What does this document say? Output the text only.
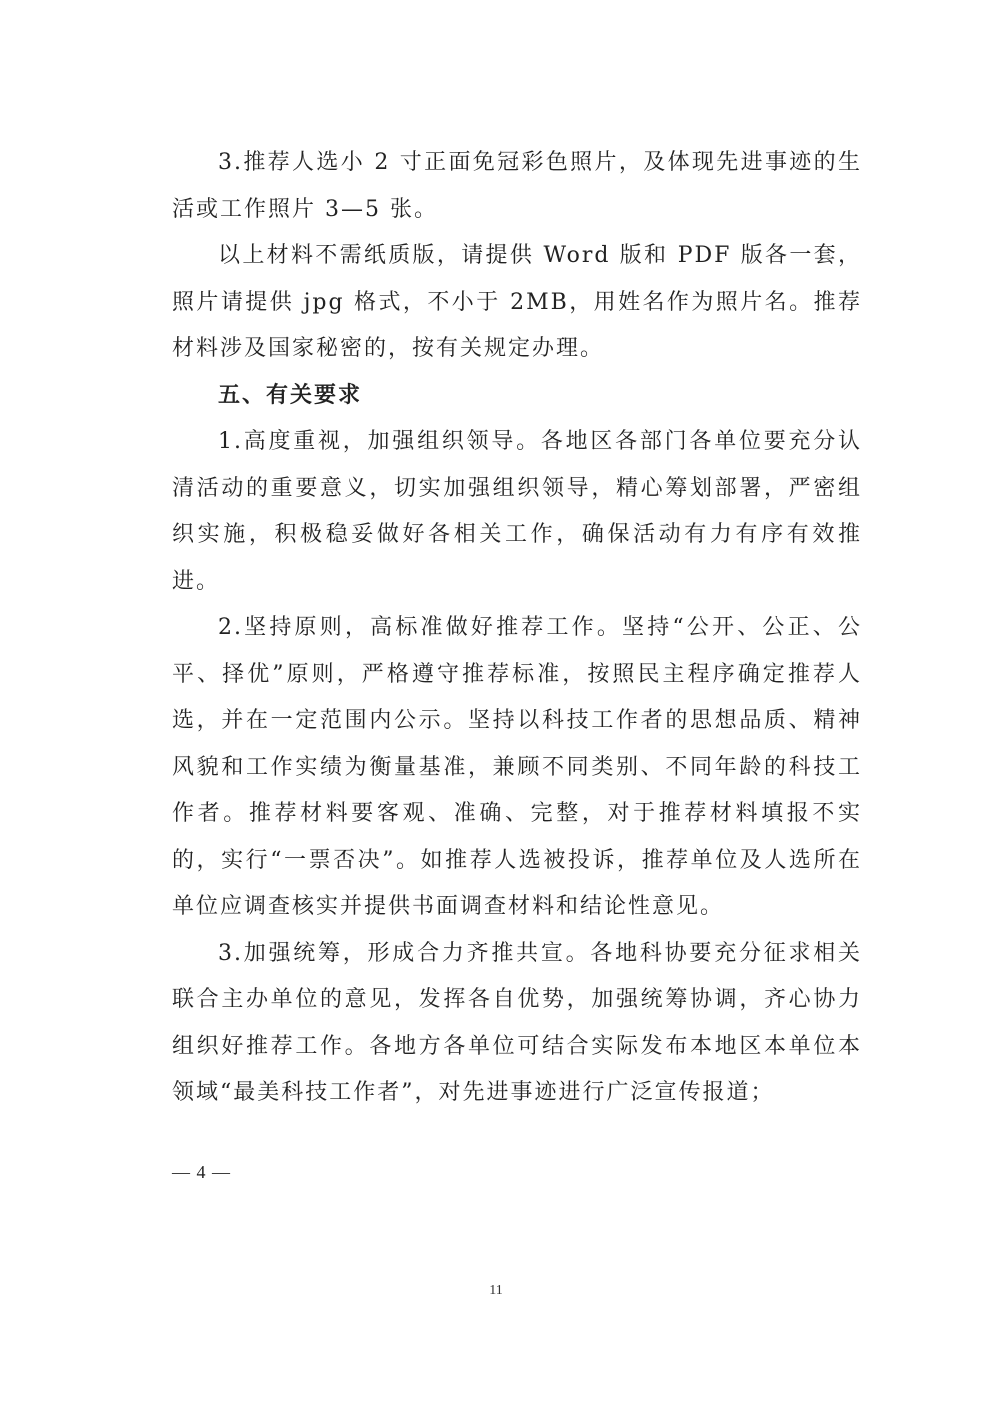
3.推荐人选小 2 寸正面免冠彩色照片，及体现先进事迹的生活或工作照片 3—5 张。

以上材料不需纸质版，请提供 Word 版和 PDF 版各一套，照片请提供 jpg 格式，不小于 2MB，用姓名作为照片名。推荐材料涉及国家秘密的，按有关规定办理。

五、有关要求

1.高度重视，加强组织领导。各地区各部门各单位要充分认清活动的重要意义，切实加强组织领导，精心筹划部署，严密组织实施，积极稳妥做好各相关工作，确保活动有力有序有效推进。

2.坚持原则，高标准做好推荐工作。坚持“公开、公正、公平、择优”原则，严格遵守推荐标准，按照民主程序确定推荐人选，并在一定范围内公示。坚持以科技工作者的思想品质、精神风貌和工作实绩为衡量基准，兼顾不同类别、不同年龄的科技工作者。推荐材料要客观、准确、完整，对于推荐材料填报不实的，实行“一票否决”。如推荐人选被投诉，推荐单位及人选所在单位应调查核实并提供书面调查材料和结论性意见。

3.加强统筹，形成合力齐推共宣。各地科协要充分征求相关联合主办单位的意见，发挥各自优势，加强统筹协调，齐心协力组织好推荐工作。各地方各单位可结合实际发布本地区本单位本领域“最美科技工作者”，对先进事迹进行广泛宣传报道；

— 4 —
11
